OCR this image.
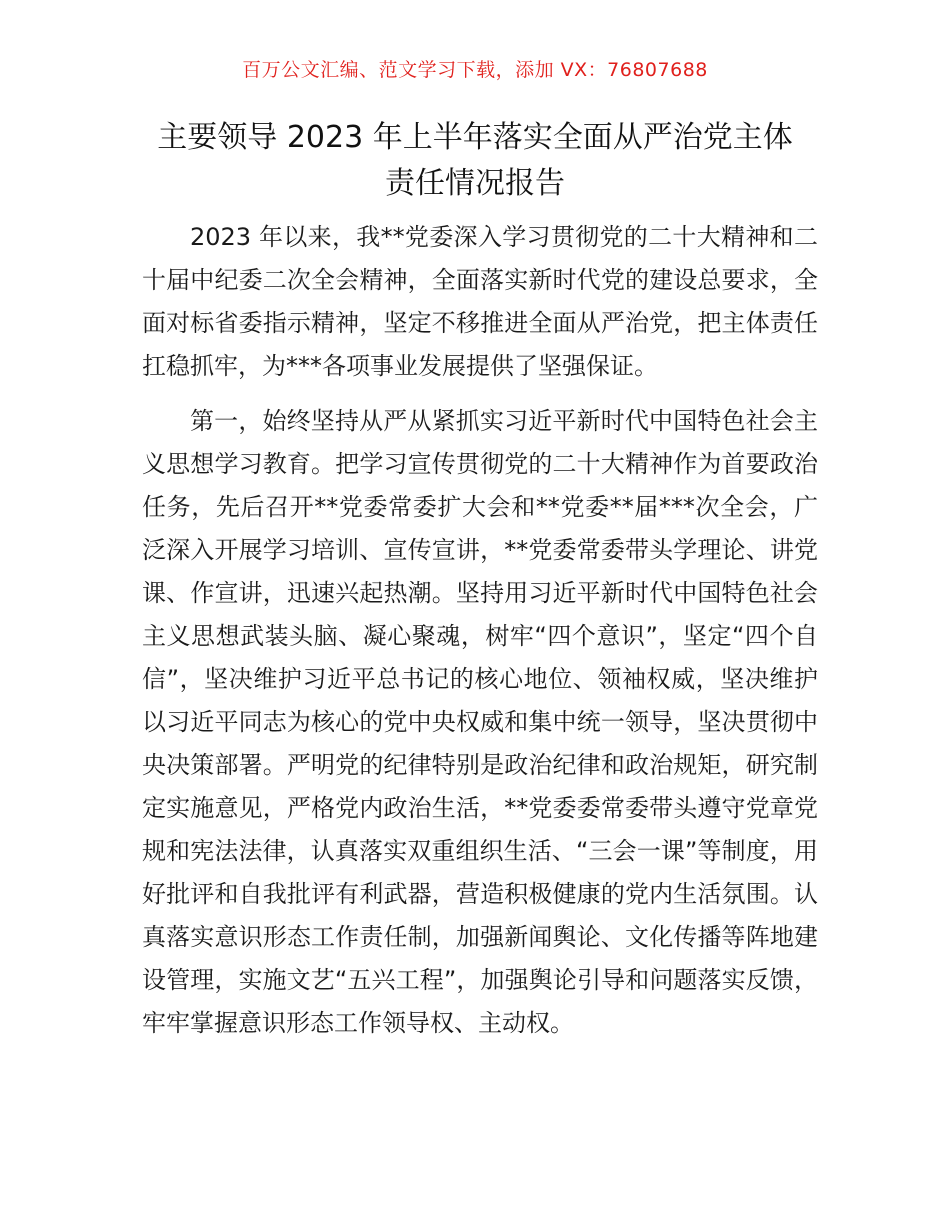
百万公文汇编、范文学习下载，添加 VX：76807688
主要领导 2023 年上半年落实全面从严治党主体
责任情况报告

2023 年以来，我**党委深入学习贯彻党的二十大精神和二十届中纪委二次全会精神，全面落实新时代党的建设总要求，全面对标省委指示精神，坚定不移推进全面从严治党，把主体责任扛稳抓牢，为***各项事业发展提供了坚强保证。

第一，始终坚持从严从紧抓实习近平新时代中国特色社会主义思想学习教育。把学习宣传贯彻党的二十大精神作为首要政治任务，先后召开**党委常委扩大会和**党委**届***次全会，广泛深入开展学习培训、宣传宣讲，**党委常委带头学理论、讲党课、作宣讲，迅速兴起热潮。坚持用习近平新时代中国特色社会主义思想武装头脑、凝心聚魂，树牢“四个意识”，坚定“四个自信”，坚决维护习近平总书记的核心地位、领袖权威，坚决维护以习近平同志为核心的党中央权威和集中统一领导，坚决贯彻中央决策部署。严明党的纪律特别是政治纪律和政治规矩，研究制定实施意见，严格党内政治生活，**党委委常委带头遵守党章党规和宪法法律，认真落实双重组织生活、“三会一课”等制度，用好批评和自我批评有利武器，营造积极健康的党内生活氛围。认真落实意识形态工作责任制，加强新闻舆论、文化传播等阵地建设管理，实施文艺“五兴工程”，加强舆论引导和问题落实反馈，牢牢掌握意识形态工作领导权、主动权。
